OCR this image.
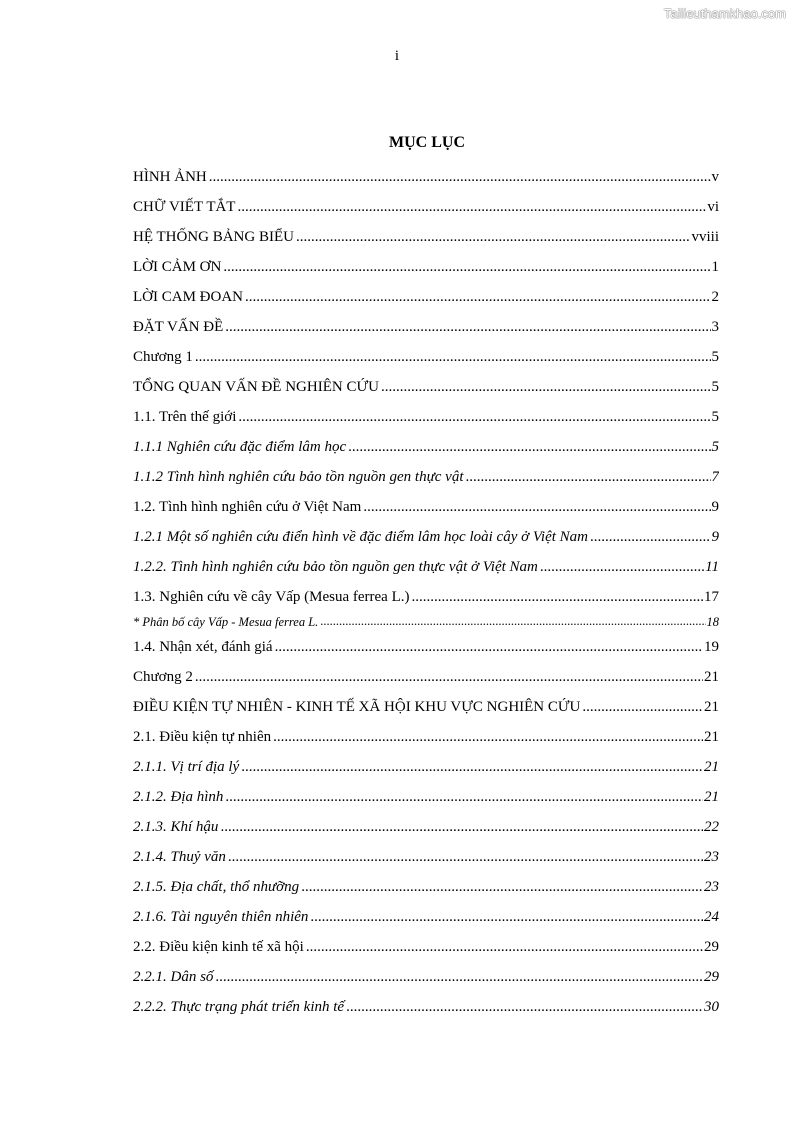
Tailieuthamkhao.com
i
MỤC LỤC
HÌNH ẢNH .....	v
CHỮ VIẾT TẮT .....	vi
HỆ THỐNG BẢNG BIỂU .....	vviii
LỜI CẢM ƠN .....	1
LỜI CAM ĐOAN .....	2
ĐẶT VẤN ĐỀ .....	3
Chương 1 .....	5
TỔNG QUAN VẤN ĐỀ NGHIÊN CỨU .....	5
1.1. Trên thế giới .....	5
1.1.1 Nghiên cứu đặc điểm lâm học .....	5
1.1.2 Tình hình nghiên cứu bảo tồn nguồn gen thực vật .....	7
1.2. Tình hình nghiên cứu ở Việt Nam .....	9
1.2.1 Một số nghiên cứu điển hình về đặc điểm lâm học loài cây ở Việt Nam .....	9
1.2.2. Tình hình nghiên cứu bảo tồn nguồn gen thực vật ở Việt Nam .....	11
1.3. Nghiên cứu về cây Vấp (Mesua ferrea L.) .....	17
* Phân bố cây Vấp - Mesua ferrea L. .....	18
1.4. Nhận xét, đánh giá .....	19
Chương 2 .....	21
ĐIỀU KIỆN TỰ NHIÊN - KINH TẾ XÃ HỘI KHU VỰC NGHIÊN CỨU .....	21
2.1. Điều kiện tự nhiên .....	21
2.1.1. Vị trí địa lý .....	21
2.1.2. Địa hình .....	21
2.1.3. Khí hậu .....	22
2.1.4. Thuỷ văn .....	23
2.1.5. Địa chất, thổ nhưỡng .....	23
2.1.6. Tài nguyên thiên nhiên .....	24
2.2. Điều kiện kinh tế xã hội .....	29
2.2.1. Dân số .....	29
2.2.2. Thực trạng phát triển kinh tế .....	30
